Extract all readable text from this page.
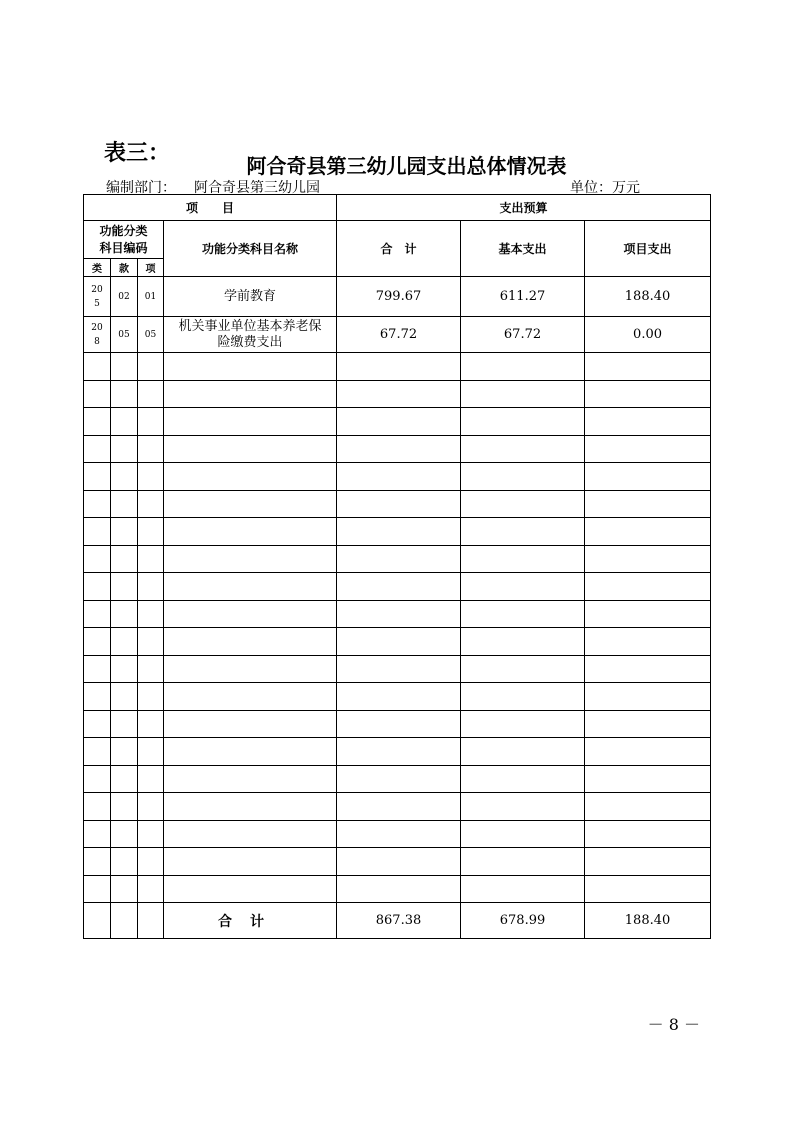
表三：	阿合奇县第三幼儿园支出总体情况表
编制部门： 阿合奇县第三幼儿园	单位：万元
项　　目				支出预算		
功能分类科目编码			功能分类科目名称	合　计	基本支出	项目支出
类	款	项				
205	02	01	学前教育	799.67	611.27	188.40
208	05	05	机关事业单位基本养老保险缴费支出	67.72	67.72	0.00

			合计	867.38	678.99	188.40
－ 8 －
